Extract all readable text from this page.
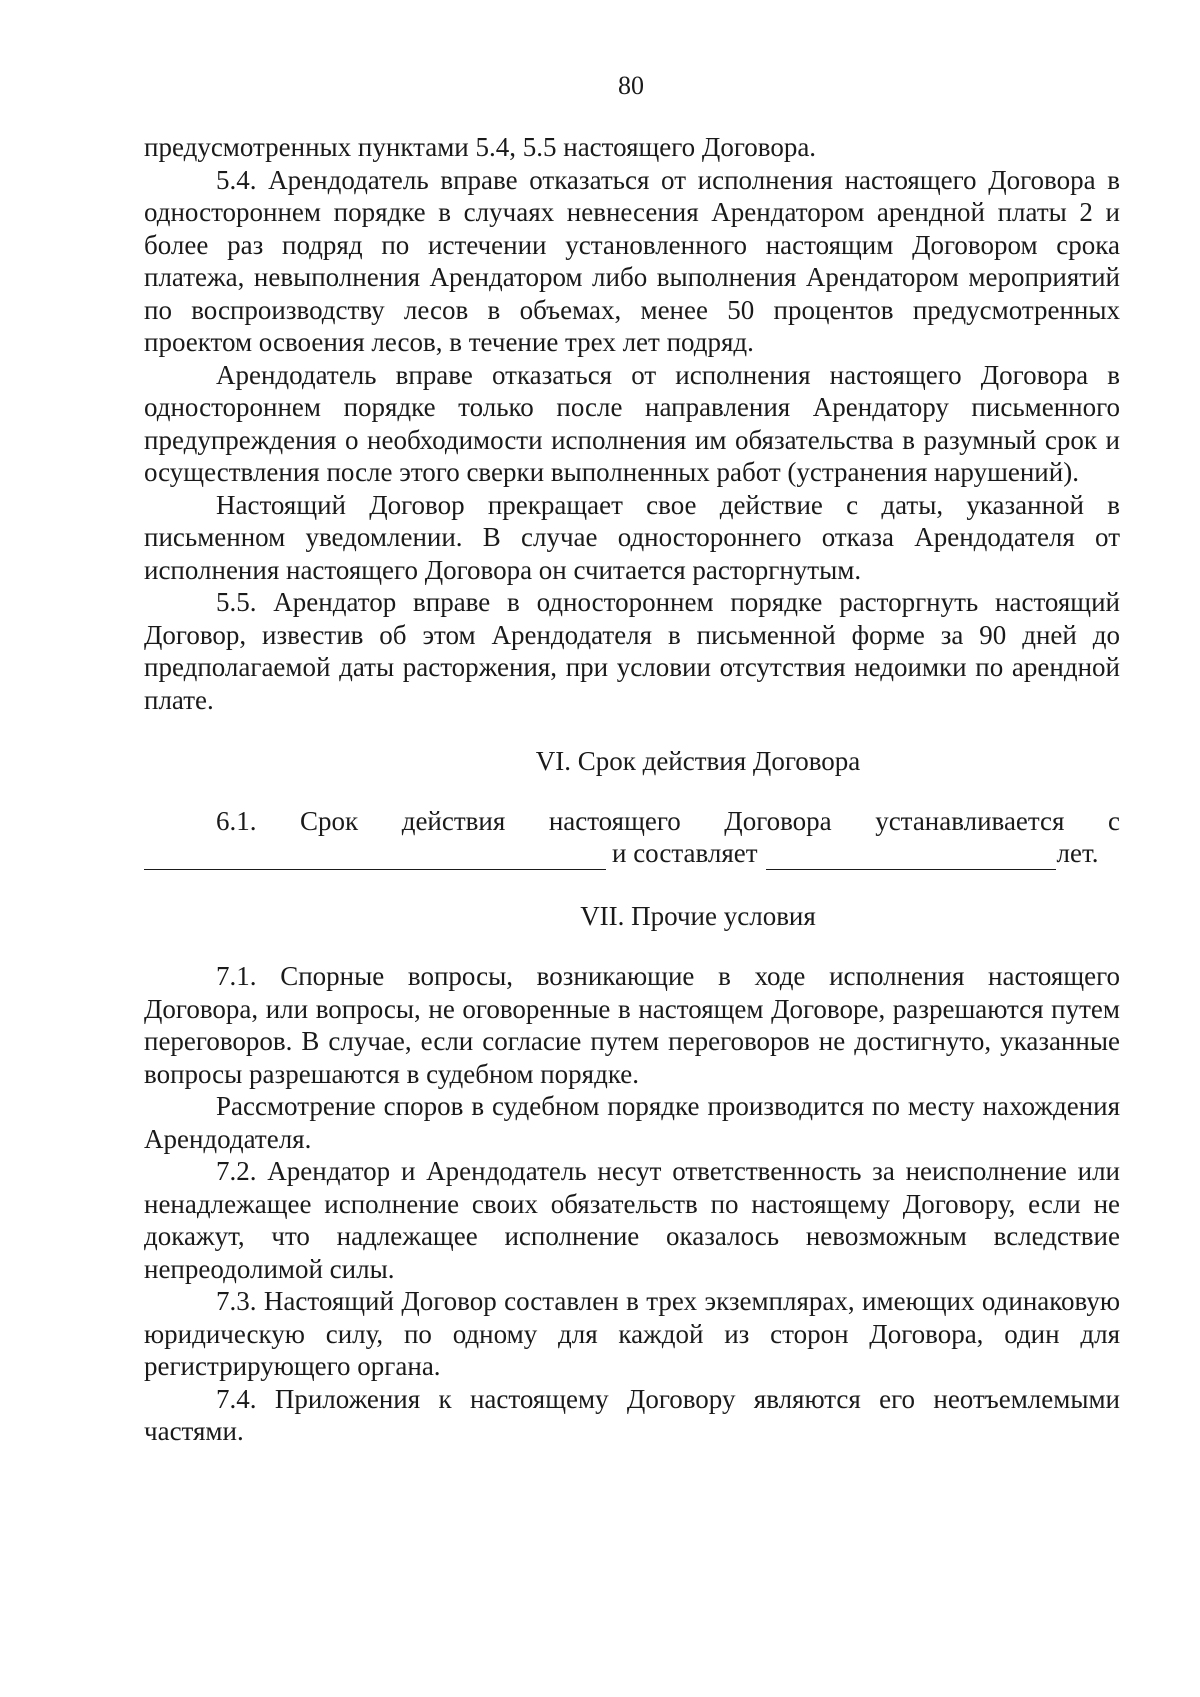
80

предусмотренных пунктами 5.4, 5.5 настоящего Договора.

5.4. Арендодатель вправе отказаться от исполнения настоящего Договора в одностороннем порядке в случаях невнесения Арендатором арендной платы 2 и более раз подряд по истечении установленного настоящим Договором срока платежа, невыполнения Арендатором либо выполнения Арендатором мероприятий по воспроизводству лесов в объемах, менее 50 процентов предусмотренных проектом освоения лесов, в течение трех лет подряд.

Арендодатель вправе отказаться от исполнения настоящего Договора в одностороннем порядке только после направления Арендатору письменного предупреждения о необходимости исполнения им обязательства в разумный срок и осуществления после этого сверки выполненных работ (устранения нарушений).

Настоящий Договор прекращает свое действие с даты, указанной в письменном уведомлении. В случае одностороннего отказа Арендодателя от исполнения настоящего Договора он считается расторгнутым.

5.5. Арендатор вправе в одностороннем порядке расторгнуть настоящий Договор, известив об этом Арендодателя в письменной форме за 90 дней до предполагаемой даты расторжения, при условии отсутствия недоимки по арендной плате.

VI. Срок действия Договора

6.1. Срок действия настоящего Договора устанавливается с
и составляет	лет.

VII. Прочие условия

7.1. Спорные вопросы, возникающие в ходе исполнения настоящего Договора, или вопросы, не оговоренные в настоящем Договоре, разрешаются путем переговоров. В случае, если согласие путем переговоров не достигнуто, указанные вопросы разрешаются в судебном порядке.

Рассмотрение споров в судебном порядке производится по месту нахождения Арендодателя.

7.2. Арендатор и Арендодатель несут ответственность за неисполнение или ненадлежащее исполнение своих обязательств по настоящему Договору, если не докажут, что надлежащее исполнение оказалось невозможным вследствие непреодолимой силы.

7.3. Настоящий Договор составлен в трех экземплярах, имеющих одинаковую юридическую силу, по одному для каждой из сторон Договора, один для регистрирующего органа.

7.4. Приложения к настоящему Договору являются его неотъемлемыми частями.
